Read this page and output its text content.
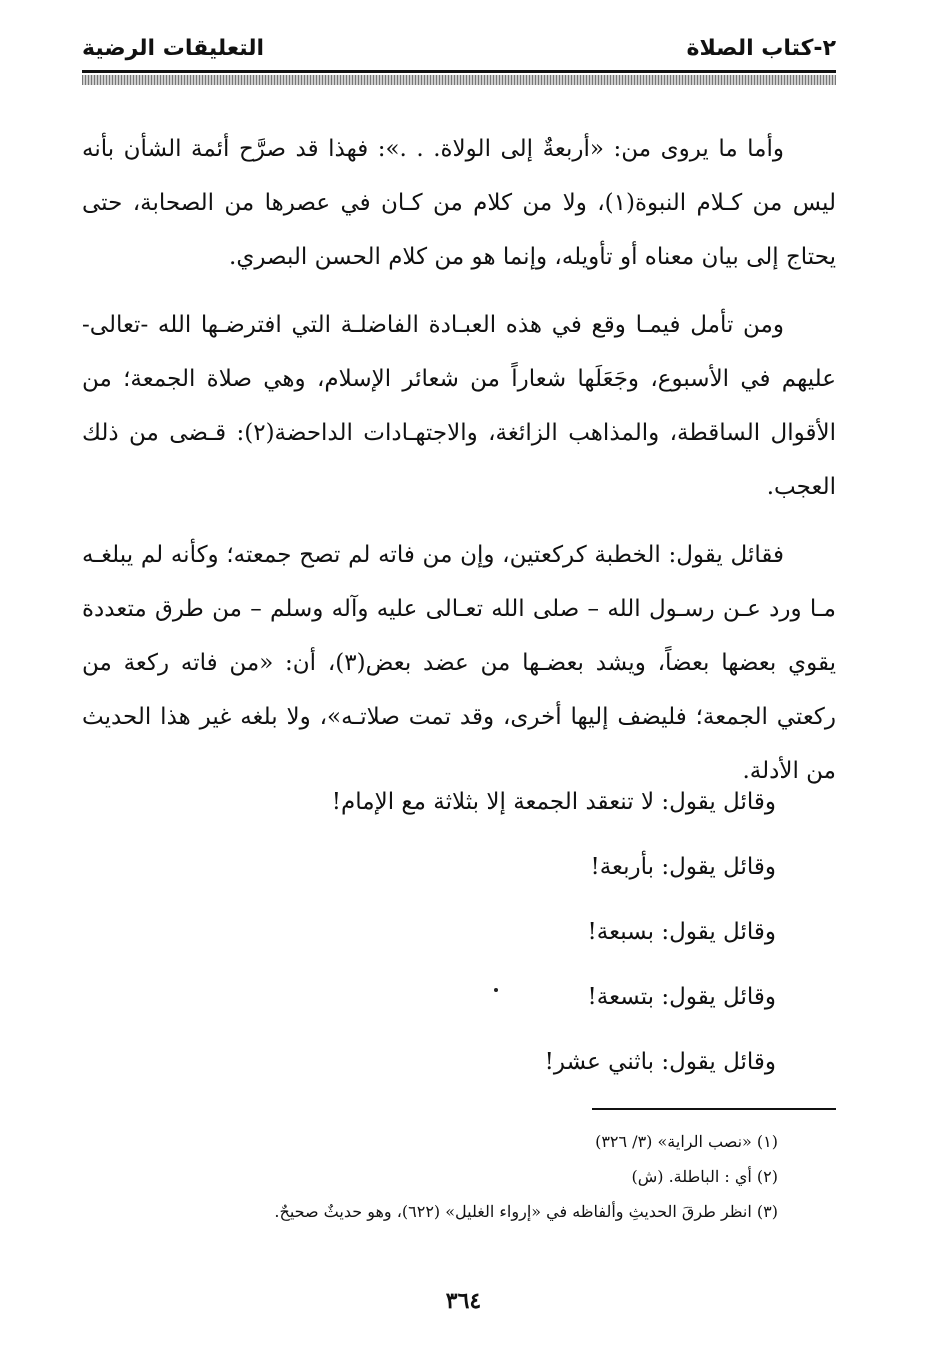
٢-كتاب الصلاة
التعليقات الرضية

وأما ما يروى من: «أربعةٌ إلى الولاة. . .»: فهذا قد صرَّح أئمة الشأن بأنه ليس من كـلام النبوة(١)، ولا من كلام من كـان في عصرها من الصحابة، حتى يحتاج إلى بيان معناه أو تأويله، وإنما هو من كلام الحسن البصري.

ومن تأمل فيمـا وقع في هذه العبـادة الفاضلـة التي افترضـها الله -تعالى- عليهم في الأسبوع، وجَعَلَها شعاراً من شعائر الإسلام، وهي صلاة الجمعة؛ من الأقوال الساقطة، والمذاهب الزائغة، والاجتهـادات الداحضة(٢): قـضى من ذلك العجب.

فقائل يقول: الخطبة كركعتين، وإن من فاته لم تصح جمعته؛ وكأنه لم يبلغـه مـا ورد عـن رسـول الله – صلى الله تعـالى عليه وآله وسلم – من طرق متعددة يقوي بعضها بعضاً، ويشد بعضـها من عضد بعض(٣)، أن: «من فاته ركعة من ركعتي الجمعة؛ فليضف إليها أخرى، وقد تمت صلاتـه»، ولا بلغه غير هذا الحديث من الأدلة.

وقائل يقول: لا تنعقد الجمعة إلا بثلاثة مع الإمام!

وقائل يقول: بأربعة!

وقائل يقول: بسبعة!

وقائل يقول: بتسعة!

وقائل يقول: باثني عشر!

(١) «نصب الراية» (٣/ ٣٢٦)

(٢) أي : الباطلة. (ش)

(٣) انظر طرقَ الحديثِ وألفاظه في «إرواء الغليل» (٦٢٢)، وهو حديثٌ صحيحٌ.

٣٦٤
